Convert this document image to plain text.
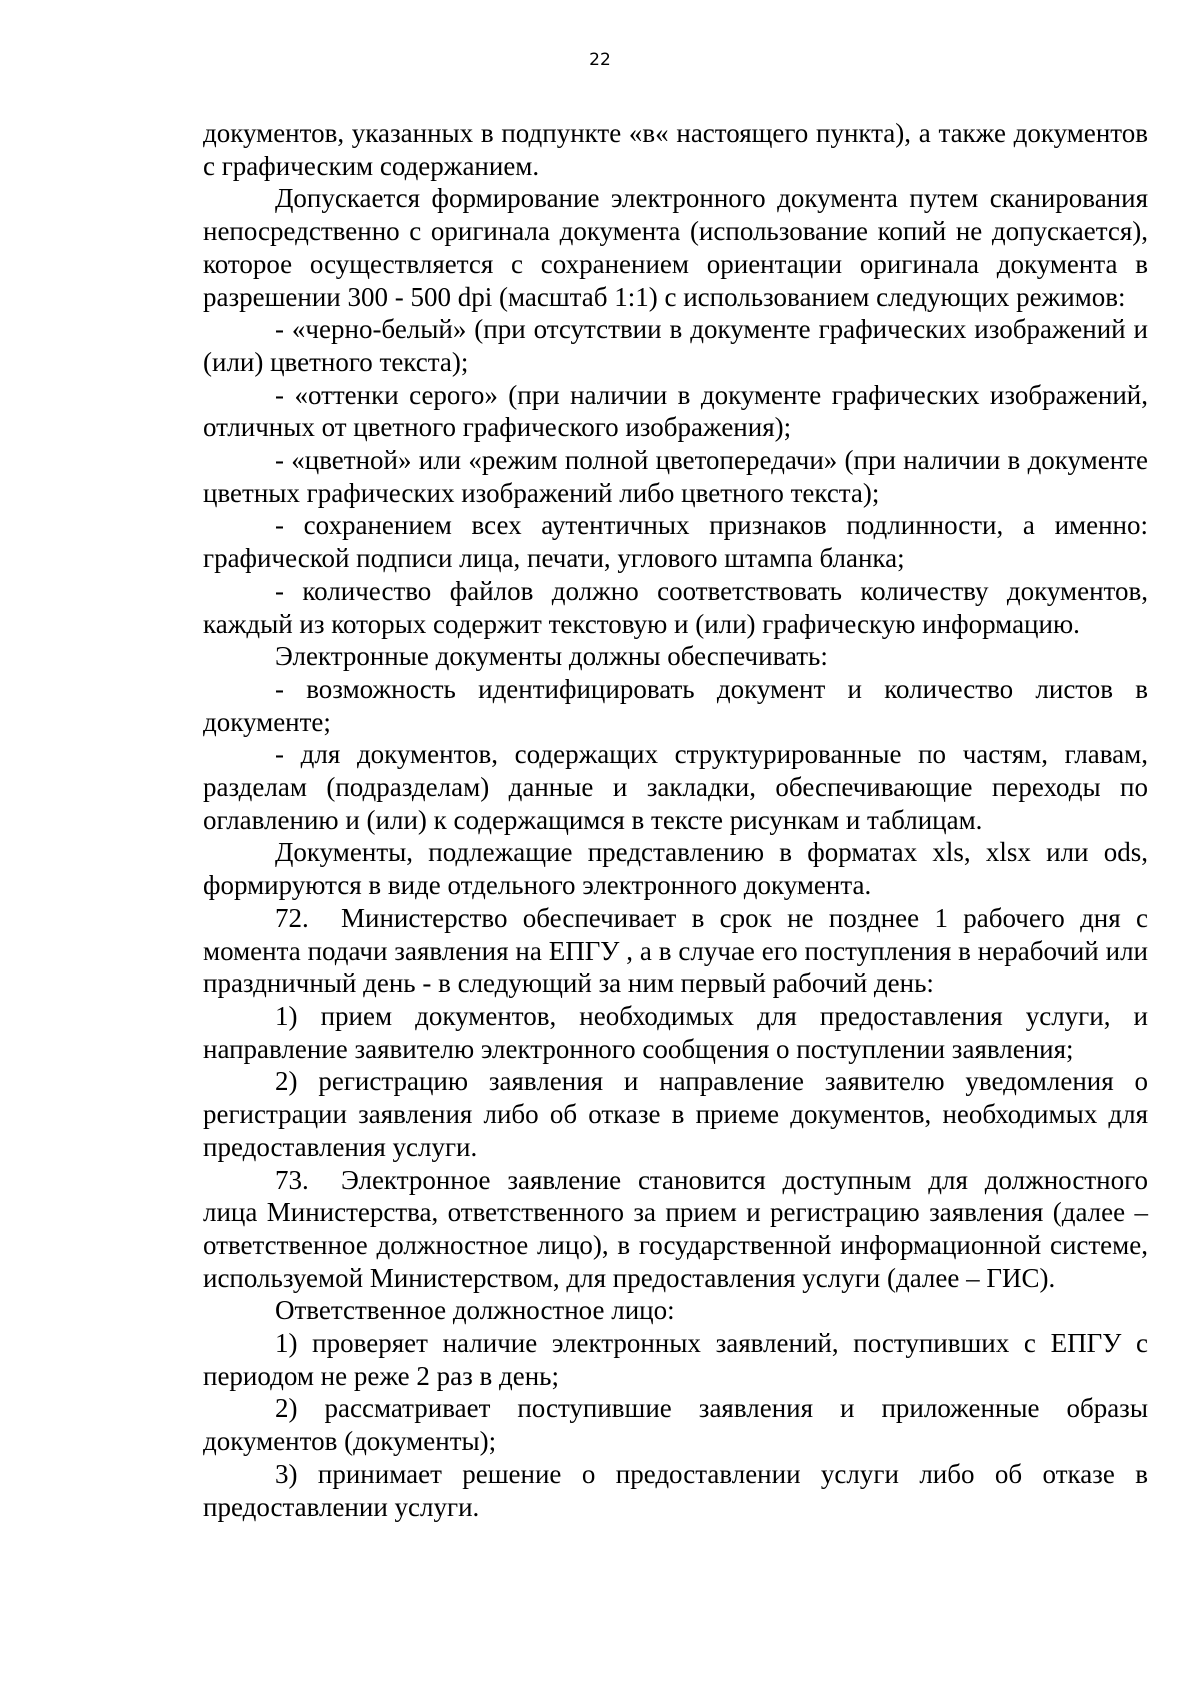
22

документов, указанных в подпункте «в« настоящего пункта), а также документов с графическим содержанием.

Допускается формирование электронного документа путем сканирования непосредственно с оригинала документа (использование копий не допускается), которое осуществляется с сохранением ориентации оригинала документа в разрешении 300 - 500 dpi (масштаб 1:1) с использованием следующих режимов:

- «черно-белый» (при отсутствии в документе графических изображений и (или) цветного текста);

- «оттенки серого» (при наличии в документе графических изображений, отличных от цветного графического изображения);

- «цветной» или «режим полной цветопередачи» (при наличии в документе цветных графических изображений либо цветного текста);

- сохранением всех аутентичных признаков подлинности, а именно: графической подписи лица, печати, углового штампа бланка;

- количество файлов должно соответствовать количеству документов, каждый из которых содержит текстовую и (или) графическую информацию.

Электронные документы должны обеспечивать:

- возможность идентифицировать документ и количество листов в документе;

- для документов, содержащих структурированные по частям, главам, разделам (подразделам) данные и закладки, обеспечивающие переходы по оглавлению и (или) к содержащимся в тексте рисункам и таблицам.

Документы, подлежащие представлению в форматах xls, xlsx или ods, формируются в виде отдельного электронного документа.

72. Министерство обеспечивает в срок не позднее 1 рабочего дня с момента подачи заявления на ЕПГУ , а в случае его поступления в нерабочий или праздничный день - в следующий за ним первый рабочий день:

1) прием документов, необходимых для предоставления услуги, и направление заявителю электронного сообщения о поступлении заявления;

2) регистрацию заявления и направление заявителю уведомления о регистрации заявления либо об отказе в приеме документов, необходимых для предоставления услуги.

73. Электронное заявление становится доступным для должностного лица Министерства, ответственного за прием и регистрацию заявления (далее – ответственное должностное лицо), в государственной информационной системе, используемой Министерством, для предоставления услуги (далее – ГИС).

Ответственное должностное лицо:

1) проверяет наличие электронных заявлений, поступивших с ЕПГУ с периодом не реже 2 раз в день;

2) рассматривает поступившие заявления и приложенные образы документов (документы);

3) принимает решение о предоставлении услуги либо об отказе в предоставлении услуги.
